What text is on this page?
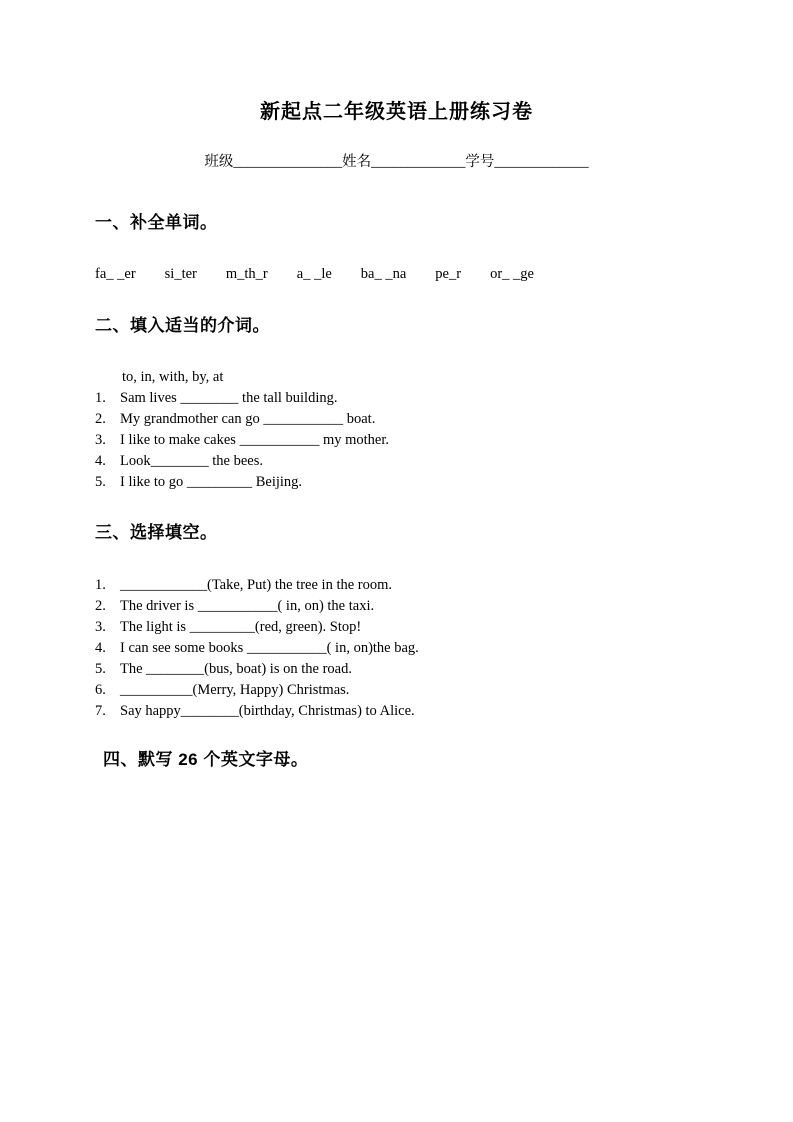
新起点二年级英语上册练习卷
班级_______________姓名_____________学号_____________
一、补全单词。
fa_ _er si_ter m_th_r a_ _le ba_ _na pe_r or_ _ge
二、填入适当的介词。
to, in, with, by, at
1. Sam lives ________ the tall building.
2. My grandmother can go ___________ boat.
3. I like to make cakes ___________ my mother.
4. Look________ the bees.
5. I like to go _________ Beijing.
三、选择填空。
1. ____________(Take, Put) the tree in the room.
2. The driver is ___________( in, on) the taxi.
3. The light is _________(red, green). Stop!
4. I can see some books ___________( in, on)the bag.
5. The ________(bus, boat) is on the road.
6. __________(Merry, Happy) Christmas.
7. Say happy________(birthday, Christmas) to Alice.
四、默写 26 个英文字母。
